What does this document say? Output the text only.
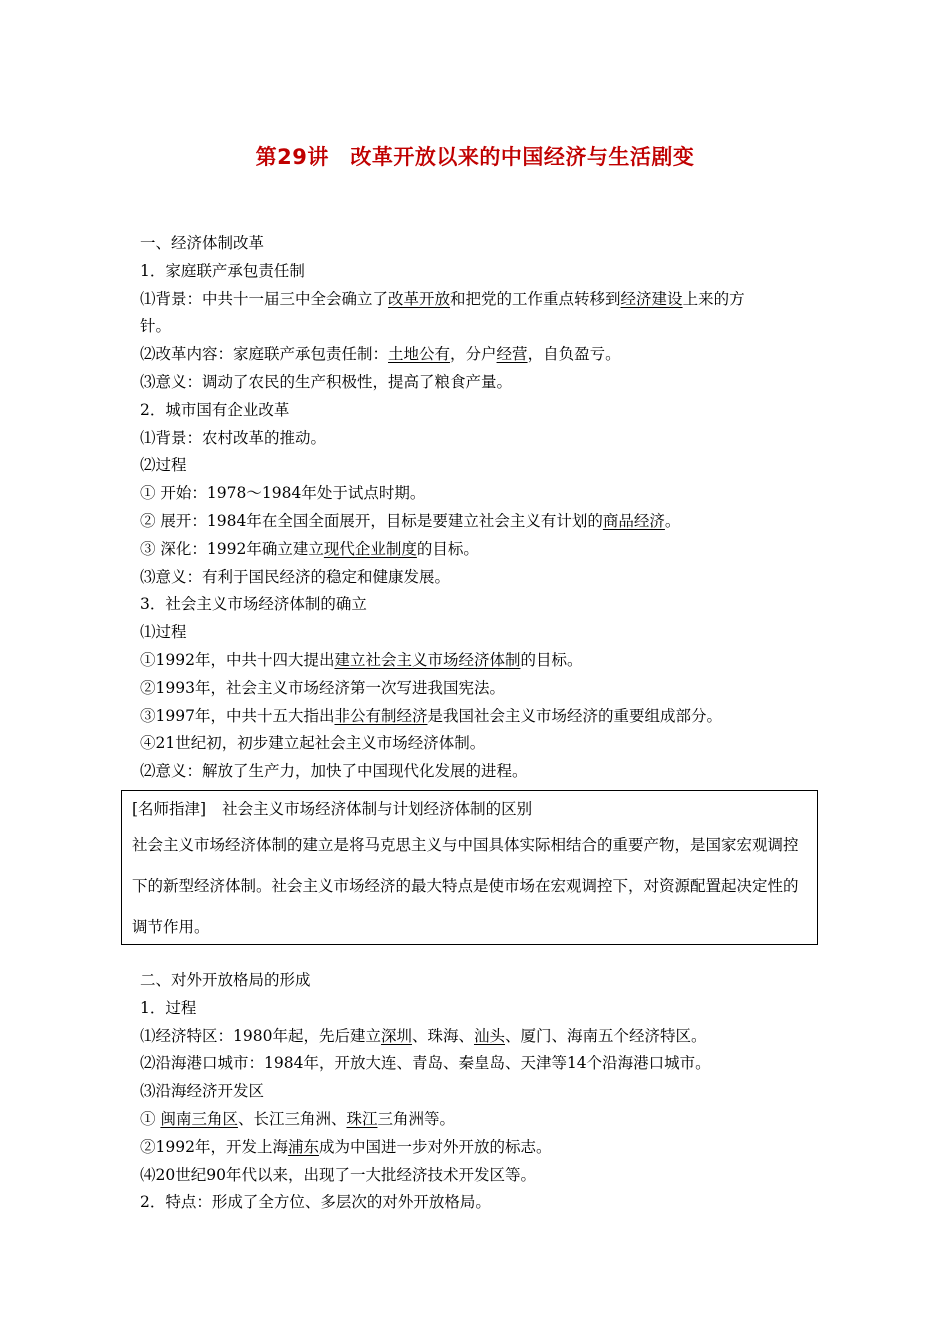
第29讲　改革开放以来的中国经济与生活剧变
一、经济体制改革
1．家庭联产承包责任制
⑴背景：中共十一届三中全会确立了改革开放和把党的工作重点转移到经济建设上来的方
针。
⑵改革内容：家庭联产承包责任制：土地公有，分户经营，自负盈亏。
⑶意义：调动了农民的生产积极性，提高了粮食产量。
2．城市国有企业改革
⑴背景：农村改革的推动。
⑵过程
① 开始：1978～1984年处于试点时期。
② 展开：1984年在全国全面展开，目标是要建立社会主义有计划的商品经济。
③ 深化：1992年确立建立现代企业制度的目标。
⑶意义：有利于国民经济的稳定和健康发展。
3．社会主义市场经济体制的确立
⑴过程
①1992年，中共十四大提出建立社会主义市场经济体制的目标。
②1993年，社会主义市场经济第一次写进我国宪法。
③1997年，中共十五大指出非公有制经济是我国社会主义市场经济的重要组成部分。
④21世纪初，初步建立起社会主义市场经济体制。
⑵意义：解放了生产力，加快了中国现代化发展的进程。
[名师指津] 社会主义市场经济体制与计划经济体制的区别
社会主义市场经济体制的建立是将马克思主义与中国具体实际相结合的重要产物，是国家宏观调控下的新型经济体制。社会主义市场经济的最大特点是使市场在宏观调控下，对资源配置起决定性的调节作用。
二、对外开放格局的形成
1．过程
⑴经济特区：1980年起，先后建立深圳、珠海、汕头、厦门、海南五个经济特区。
⑵沿海港口城市：1984年，开放大连、青岛、秦皇岛、天津等14个沿海港口城市。
⑶沿海经济开发区
① 闽南三角区、长江三角洲、珠江三角洲等。
②1992年，开发上海浦东成为中国进一步对外开放的标志。
⑷20世纪90年代以来，出现了一大批经济技术开发区等。
2．特点：形成了全方位、多层次的对外开放格局。
